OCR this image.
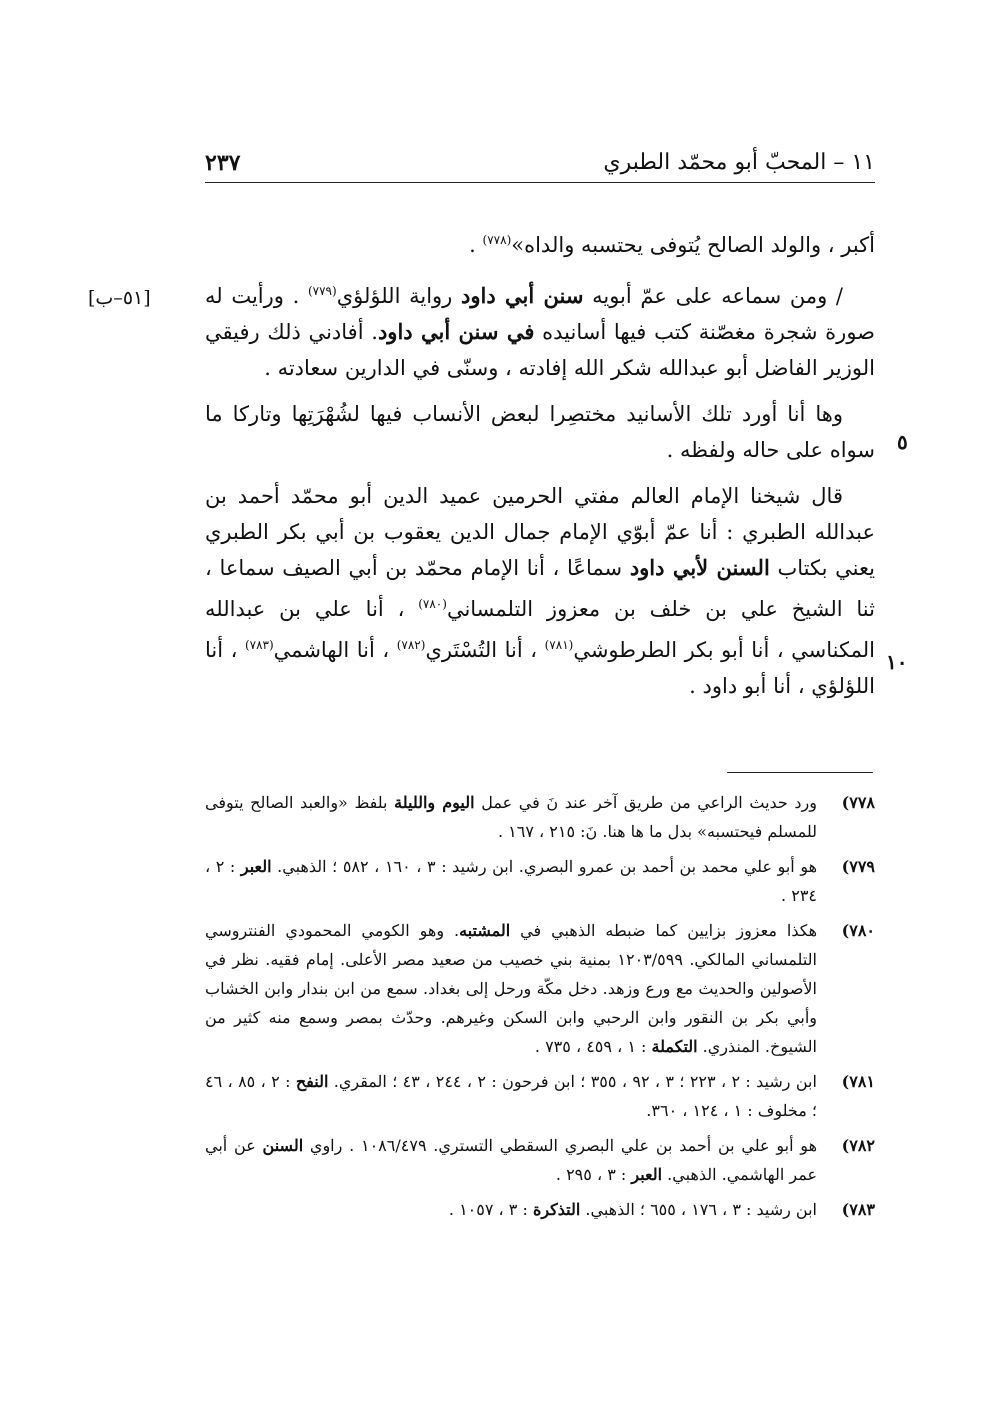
٢٣٧	١١ – المحبّ أبو محمّد الطبري
[٥١–ب]
٥
١٠

أكبر ، والولد الصالح يُتوفى يحتسبه والداه»$^{(٧٧٨)}$ .

/ ومن سماعه على عمّ أبويه سنن أبي داود رواية اللؤلؤي$^{(٧٧٩)}$ . ورأيت له صورة شجرة مغصّنة كتب فيها أسانيده في سنن أبي داود. أفادني ذلك رفيقي الوزير الفاضل أبو عبدالله شكر الله إفادته ، وسنّى في الدارين سعادته .

وها أنا أورد تلك الأسانيد مختصِرا لبعض الأنساب فيها لشُهْرَتِها وتاركا ما سواه على حاله ولفظه .

قال شيخنا الإمام العالم مفتي الحرمين عميد الدين أبو محمّد أحمد بن عبدالله الطبري : أنا عمّ أبوّي الإمام جمال الدين يعقوب بن أبي بكر الطبري يعني بكتاب السنن لأبي داود سماعًا ، أنا الإمام محمّد بن أبي الصيف سماعا ، ثنا الشيخ علي بن خلف بن معزوز التلمساني$^{(٧٨٠)}$ ، أنا علي بن عبدالله المكناسي ، أنا أبو بكر الطرطوشي$^{(٧٨١)}$ ، أنا التُسْتَري$^{(٧٨٢)}$ ، أنا الهاشمي$^{(٧٨٣)}$ ، أنا اللؤلؤي ، أنا أبو داود .

٧٧٨)
ورد حديث الراعي من طريق آخر عند نَ في عمل اليوم والليلة بلفظ «والعبد الصالح يتوفى للمسلم فيحتسبه» بدل ما ها هنا. نَ: ٢١٥ ، ١٦٧ .
٧٧٩)
هو أبو علي محمد بن أحمد بن عمرو البصري. ابن رشيد : ٣ ، ١٦٠ ، ٥٨٢ ؛ الذهبي. العبر : ٢ ، ٢٣٤ .
٧٨٠)
هكذا معزوز بزايين كما ضبطه الذهبي في المشتبه. وهو الكومي المحمودي الفنتروسي التلمساني المالكي. ١٢٠٣/٥٩٩ بمنية بني خصيب من صعيد مصر الأعلى. إمام فقيه. نظر في الأصولين والحديث مع ورع وزهد. دخل مكّة ورحل إلى بغداد. سمع من ابن بندار وابن الخشاب وأبي بكر بن النقور وابن الرحبي وابن السكن وغيرهم. وحدّث بمصر وسمع منه كثير من الشيوخ. المنذري. التكملة : ١ ، ٤٥٩ ، ٧٣٥ .
٧٨١)
ابن رشيد : ٢ ، ٢٢٣ ؛ ٣ ، ٩٢ ، ٣٥٥ ؛ ابن فرحون : ٢ ، ٢٤٤ ، ٤٣ ؛ المقري. النفح : ٢ ، ٨٥ ، ٤٦ ؛ مخلوف : ١ ، ١٢٤ ، ٣٦٠.
٧٨٢)
هو أبو علي بن أحمد بن علي البصري السقطي التستري. ١٠٨٦/٤٧٩ . راوي السنن عن أبي عمر الهاشمي. الذهبي. العبر : ٣ ، ٢٩٥ .
٧٨٣)
ابن رشيد : ٣ ، ١٧٦ ، ٦٥٥ ؛ الذهبي. التذكرة : ٣ ، ١٠٥٧ .
